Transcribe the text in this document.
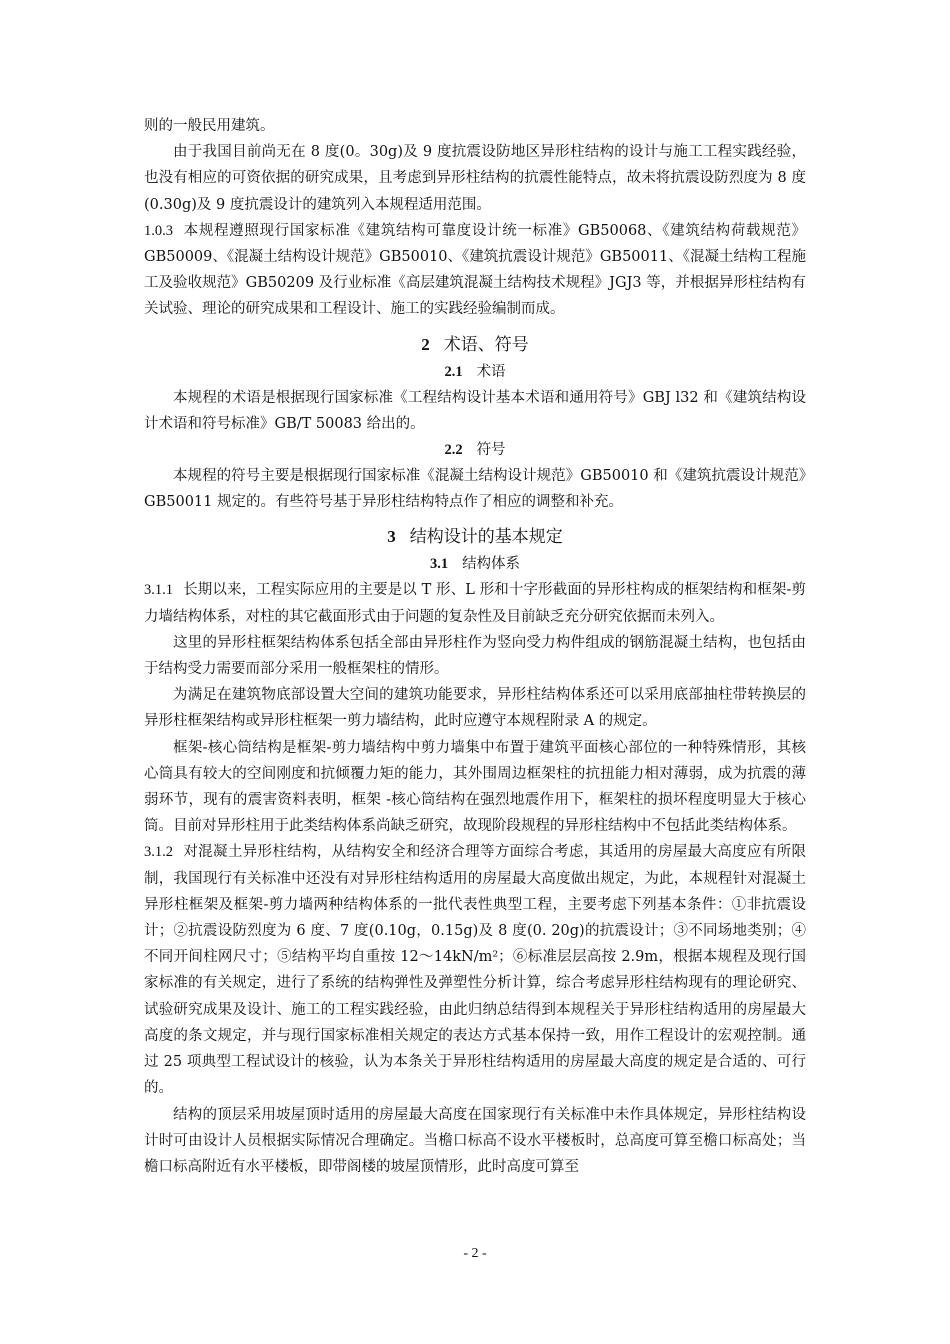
则的一般民用建筑。

由于我国目前尚无在 8 度(0。30g)及 9 度抗震设防地区异形柱结构的设计与施工工程实践经验，也没有相应的可资依据的研究成果，且考虑到异形柱结构的抗震性能特点，故未将抗震设防烈度为 8 度(0.30g)及 9 度抗震设计的建筑列入本规程适用范围。

1.0.3 本规程遵照现行国家标准《建筑结构可靠度设计统一标准》GB50068、《建筑结构荷载规范》GB50009、《混凝土结构设计规范》GB50010、《建筑抗震设计规范》GB50011、《混凝土结构工程施工及验收规范》GB50209 及行业标准《高层建筑混凝土结构技术规程》JGJ3 等，并根据异形柱结构有关试验、理论的研究成果和工程设计、施工的实践经验编制而成。

2 术语、符号
2.1 术语

本规程的术语是根据现行国家标准《工程结构设计基本术语和通用符号》GBJ l32 和《建筑结构设计术语和符号标准》GB/T 50083 给出的。

2.2 符号

本规程的符号主要是根据现行国家标准《混凝土结构设计规范》GB50010 和《建筑抗震设计规范》GB50011 规定的。有些符号基于异形柱结构特点作了相应的调整和补充。

3 结构设计的基本规定
3.1 结构体系

3.1.1 长期以来，工程实际应用的主要是以 T 形、L 形和十字形截面的异形柱构成的框架结构和框架-剪力墙结构体系，对柱的其它截面形式由于问题的复杂性及目前缺乏充分研究依据而未列入。

这里的异形柱框架结构体系包括全部由异形柱作为竖向受力构件组成的钢筋混凝土结构，也包括由于结构受力需要而部分采用一般框架柱的情形。

为满足在建筑物底部设置大空间的建筑功能要求，异形柱结构体系还可以采用底部抽柱带转换层的异形柱框架结构或异形柱框架一剪力墙结构，此时应遵守本规程附录 A 的规定。

框架-核心筒结构是框架-剪力墙结构中剪力墙集中布置于建筑平面核心部位的一种特殊情形，其核心筒具有较大的空间刚度和抗倾覆力矩的能力，其外围周边框架柱的抗扭能力相对薄弱，成为抗震的薄弱环节，现有的震害资料表明，框架 -核心筒结构在强烈地震作用下，框架柱的损坏程度明显大于核心筒。目前对异形柱用于此类结构体系尚缺乏研究，故现阶段规程的异形柱结构中不包括此类结构体系。

3.1.2 对混凝土异形柱结构，从结构安全和经济合理等方面综合考虑，其适用的房屋最大高度应有所限制，我国现行有关标准中还没有对异形柱结构适用的房屋最大高度做出规定，为此，本规程针对混凝土异形柱框架及框架-剪力墙两种结构体系的一批代表性典型工程，主要考虑下列基本条件：①非抗震设计；②抗震设防烈度为 6 度、7 度(0.10g，0.15g)及 8 度(0. 20g)的抗震设计；③不同场地类别；④不同开间柱网尺寸；⑤结构平均自重按 12～14kN/m²；⑥标准层层高按 2.9m，根据本规程及现行国家标准的有关规定，进行了系统的结构弹性及弹塑性分析计算，综合考虑异形柱结构现有的理论研究、试验研究成果及设计、施工的工程实践经验，由此归纳总结得到本规程关于异形柱结构适用的房屋最大高度的条文规定，并与现行国家标准相关规定的表达方式基本保持一致，用作工程设计的宏观控制。通过 25 项典型工程试设计的核验，认为本条关于异形柱结构适用的房屋最大高度的规定是合适的、可行的。

结构的顶层采用坡屋顶时适用的房屋最大高度在国家现行有关标准中未作具体规定，异形柱结构设计时可由设计人员根据实际情况合理确定。当檐口标高不设水平楼板时，总高度可算至檐口标高处；当檐口标高附近有水平楼板，即带阁楼的坡屋顶情形，此时高度可算至

- 2 -
